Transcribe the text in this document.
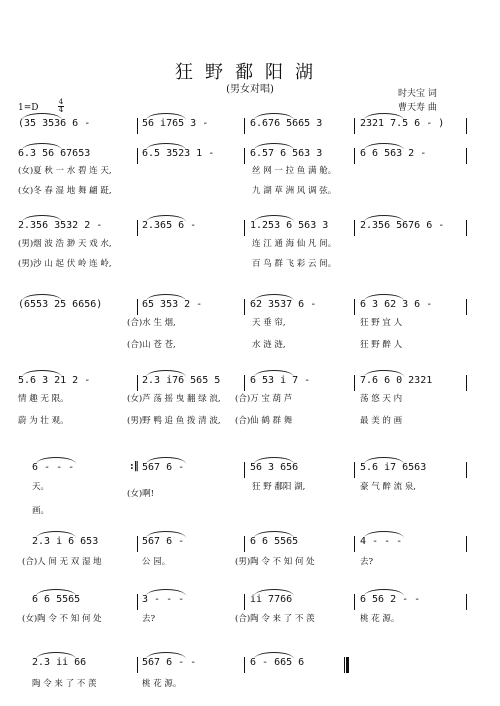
狂野鄱阳湖
(男女对唱)	时夫宝 词
曹天寿 曲
1=D
4
4
(35 3536 6 -	56 i765 3 -	6.676 5665 3	2321 7.5 6 - )
6.3 56 67653	6.5 3523 1 -	6.57 6 563 3	6 6 563 2 -
(女)夏 秋 一 水 碧 连 天,	丝 网 一 拉 鱼 满 舱。
(女)冬 春 湿 地 舞 翩 跹,	九 湖 草 洲 风 调 弦。
2.356 3532 2 -	2.365 6 -	1.253 6 563 3	2.356 5676 6 -
(男)烟 波 浩 渺 天 戏 水,	连 江 通 海 仙 凡 间。
(男)沙 山 起 伏 岭 连 岭,	百 鸟 群 飞 彩 云 间。
(6553 25 6656)	65 353 2 -	62 3537 6 -	6 3 62 3 6 -
(合)水 生 烟,	天 垂 帘,	狂 野 宜 人
(合)山 苍 苍,	水 涟 涟,	狂 野 醉 人
5.6 3 21 2 -	2.3 i76 565 5	6 53 i 7 -	7.6 6 0 2321
情 趣 无 限。	(女)芦 荡 摇 曳 翻 绿 浪, (合)万 宝 葫 芦	荡 悠 天 内
蔚 为 壮 观。	(男)野 鸭 追 鱼 拨 清 波, (合)仙 鹤 群 舞	最 美 的 画
6 - - -	567 6 -	56 3 656	5.6 i7 6563
:‖
天。
(女)啊!
狂 野 鄱阳 湖,	豪 气 醉 流 泉,
画。
2.3 i 6 653	567 6 -	6 6 5565	4 - - -
(合)人 间 无 双 湿 地	公 园。	(男)陶 令 不 知 何 处	去?
6 6 5565	3 - - -	ii 7766	6 56 2 - -
(女)陶 令 不 知 何 处	去?	(合)陶 令 来 了 不 羡	桃 花 源。
2.3 ii 66	567 6 - -	6 - 665 6
陶 令 来 了 不 羡	桃 花 源。
